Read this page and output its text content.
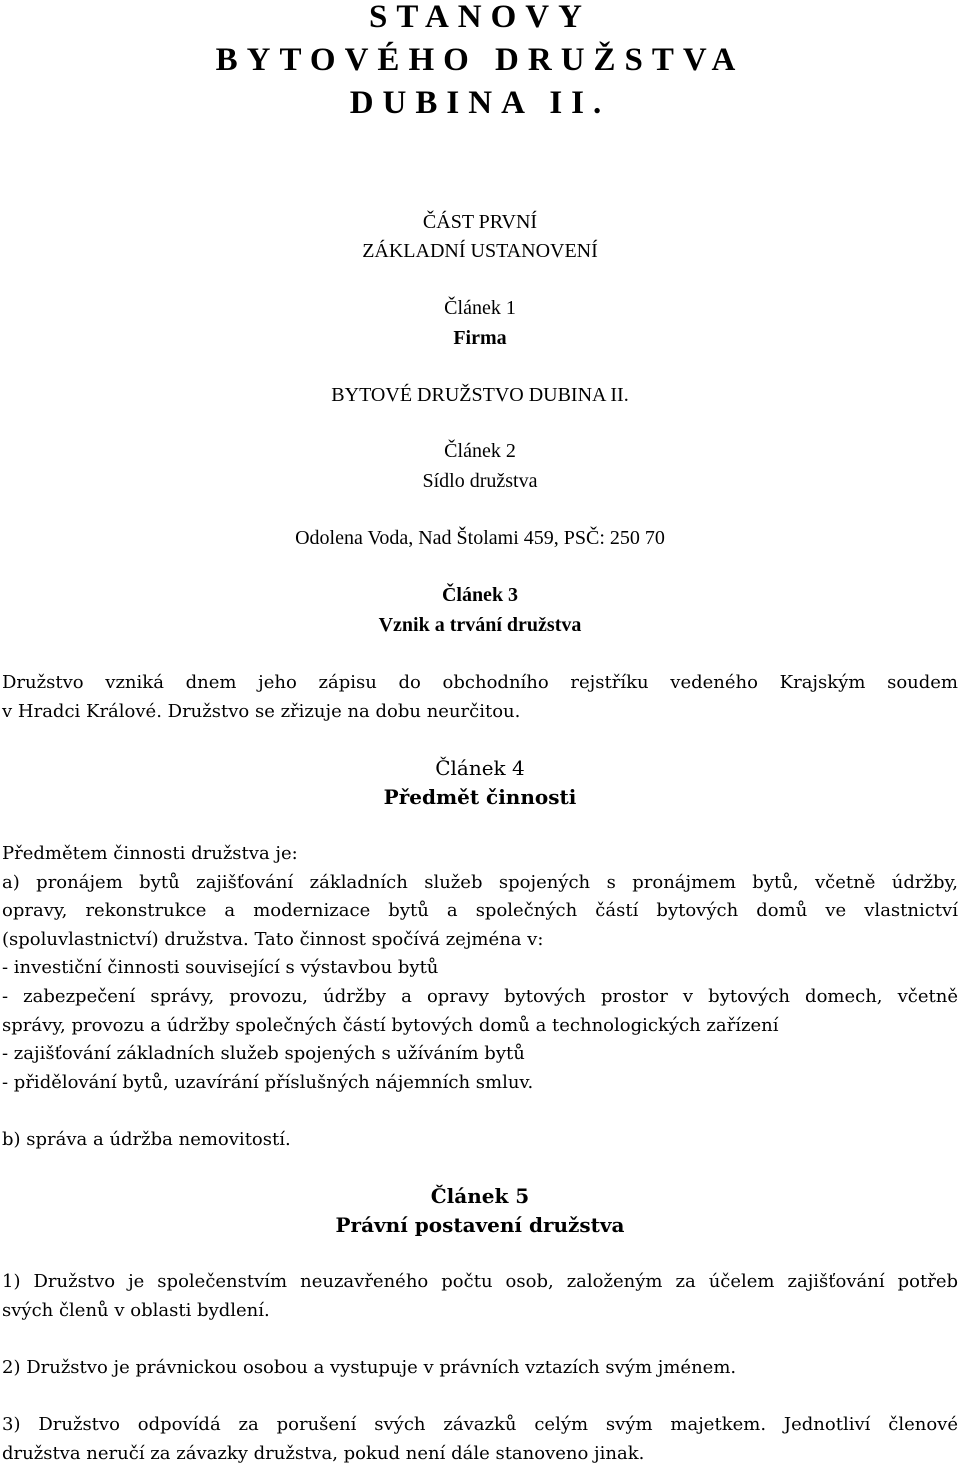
STANOVY
BYTOVÉHO DRUŽSTVA
DUBINA II.
ČÁST PRVNÍ
ZÁKLADNÍ USTANOVENÍ
Článek 1
Firma
BYTOVÉ DRUŽSTVO DUBINA II.
Článek 2
Sídlo družstva
Odolena Voda, Nad Štolami 459, PSČ: 250 70
Článek 3
Vznik a trvání družstva
Družstvo vzniká dnem jeho zápisu do obchodního rejstříku vedeného Krajským soudem
v Hradci Králové. Družstvo se zřizuje na dobu neurčitou.
Článek 4
Předmět činnosti
Předmětem činnosti družstva je:
a) pronájem bytů zajišťování základních služeb spojených s pronájmem bytů, včetně údržby,
opravy, rekonstrukce a modernizace bytů a společných částí bytových domů ve vlastnictví
(spoluvlastnictví) družstva. Tato činnost spočívá zejména v:
- investiční činnosti související s výstavbou bytů
- zabezpečení správy, provozu, údržby a opravy bytových prostor v bytových domech, včetně
správy, provozu a údržby společných částí bytových domů a technologických zařízení
- zajišťování základních služeb spojených s užíváním bytů
- přidělování bytů, uzavírání příslušných nájemních smluv.
b) správa a údržba nemovitostí.
Článek 5
Právní postavení družstva
1) Družstvo je společenstvím neuzavřeného počtu osob, založeným za účelem zajišťování potřeb
svých členů v oblasti bydlení.
2) Družstvo je právnickou osobou a vystupuje v právních vztazích svým jménem.
3) Družstvo odpovídá za porušení svých závazků celým svým majetkem. Jednotliví členové
družstva neručí za závazky družstva, pokud není dále stanoveno jinak.
